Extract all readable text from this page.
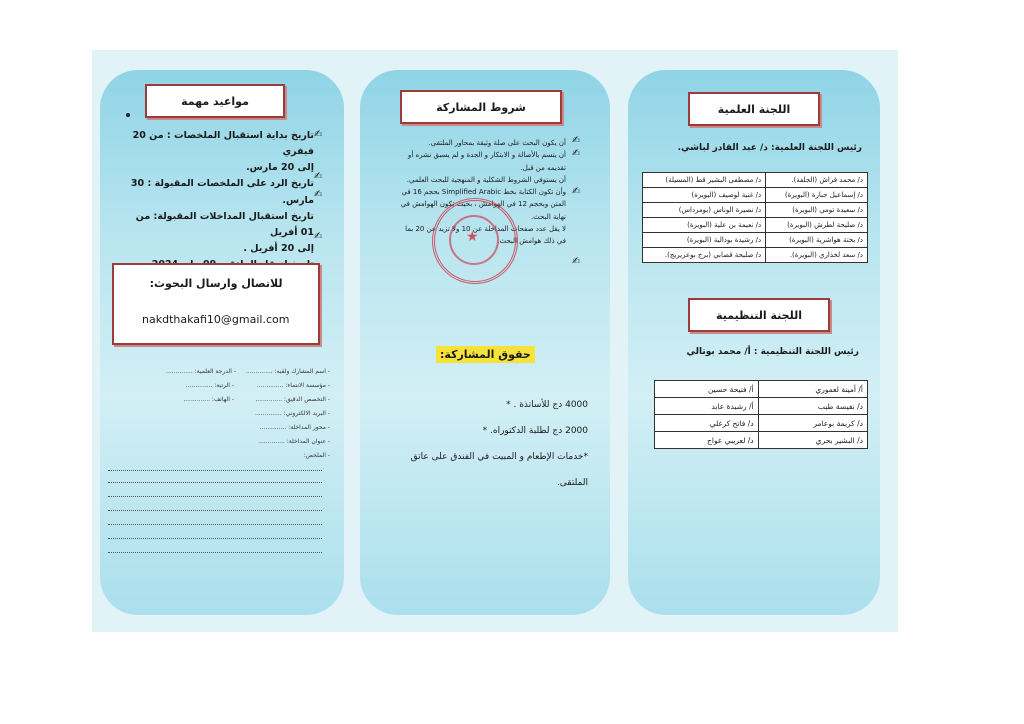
مواعيد مهمة
تاريخ بداية استقبال الملخصات : من 20 فيفري
إلى 20 مارس.
تاريخ الرد على الملخصات المقبولة : 30 مارس.
تاريخ استقبال المداخلات المقبولة: من 01 أفريل
إلى 20 أفريل .
✍
✍
✍
✍
للاتصال وارسال البحوث:
nakdthakafi10@gmail.com
- اسم المشارك ولقبه: ..............
- الدرجة العلمية: ..............
- مؤسسة الانتماء: ..............
- الرتبة: ..............
- التخصص الدقيق: ..............
- الهاتف: ..............
- البريد الالكتروني: ..............
- محور المداخلة: ..............
- عنوان المداخلة: ..............
- الملخص:
شروط المشاركة
أن يكون البحث على صلة وثيقة بمحاور الملتقى.
أن يتسم بالأصالة و الابتكار و الجدة و لم يسبق نشره أو
تقديمه من قبل.
أن يستوفي الشروط الشكلية و المنهجية للبحث العلمي.
وأن تكون الكتابة بخط Simplified Arabic بحجم 16 في
المتن وبحجم 12 في الهوامش ، بحيث تكون الهوامش في
نهاية البحث.
لا يقل عدد صفحات المداخلة عن 10 ولا تزيد عن 20 بما
في ذلك هوامش البحث.
✍
✍
✍
✍
★
حقوق المشاركة:
4000 دج للأساتذة . *
2000 دج لطلبة الدكتوراه. *
*خدمات الإطعام و المبيت في الفندق على عاتق الملتقى.
اللجنة العلمية
رئيس اللجنة العلمية: د/ عبد القادر لباشي.
د/ محمد قراش (الجلفة).	د/ مصطفى البشير قط (المسيلة)
د/ إسماعيل جبارة (البويرة)	د/ غنية لوصيف (البويرة)
د/ سعيدة تومي (البويرة)	د/ نصيرة الوناس (بومرداس)
د/ صليحة لطرش (البويرة)	د/ نعيمة بن علية (البويرة)
د/ بختة هواشرية (البويرة)	د/ رشيدة بودالية (البويرة)
د/ سعد لخذاري (البويرة).	د/ صليحة قصابي (برج بوعريريج).
اللجنة التنظيمية
رئيس اللجنة التنظيمية : أ/ محمد بوتالي
أ/ أمينة لعموري	أ/ فتيحة حسين
د/ نفيسة طيب	أ/ رشيدة عابد
د/ كريمة بوعامر	د/ فاتح كرغلي
د/ البشير بحري	د/ لعريبي عواج
